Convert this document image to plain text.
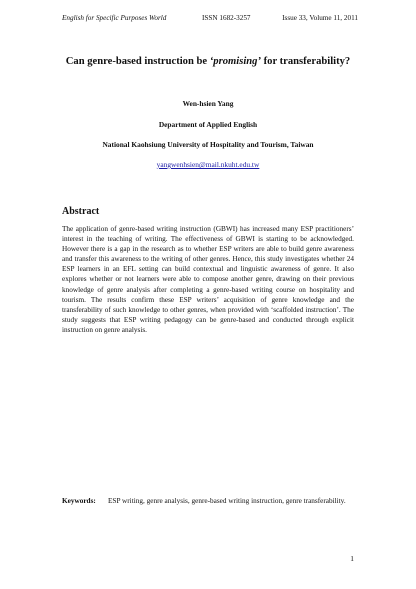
English for Specific Purposes World	ISSN 1682-3257	Issue 33, Volume 11, 2011
Can genre-based instruction be ‘promising’ for transferability?
Wen-hsien Yang
Department of Applied English
National Kaohsiung University of Hospitality and Tourism, Taiwan
yangwenhsien@mail.nkuht.edu.tw
Abstract

The application of genre-based writing instruction (GBWI) has increased many ESP practitioners’ interest in the teaching of writing. The effectiveness of GBWI is starting to be acknowledged. However there is a gap in the research as to whether ESP writers are able to build genre awareness and transfer this awareness to the writing of other genres. Hence, this study investigates whether 24 ESP learners in an EFL setting can build contextual and linguistic awareness of genre. It also explores whether or not learners were able to compose another genre, drawing on their previous knowledge of genre analysis after completing a genre-based writing course on hospitality and tourism. The results confirm these ESP writers’ acquisition of genre knowledge and the transferability of such knowledge to other genres, when provided with ‘scaffolded instruction’. The study suggests that ESP writing pedagogy can be genre-based and conducted through explicit instruction on genre analysis.

Keywords: ESP writing, genre analysis, genre-based writing instruction, genre transferability.
1
